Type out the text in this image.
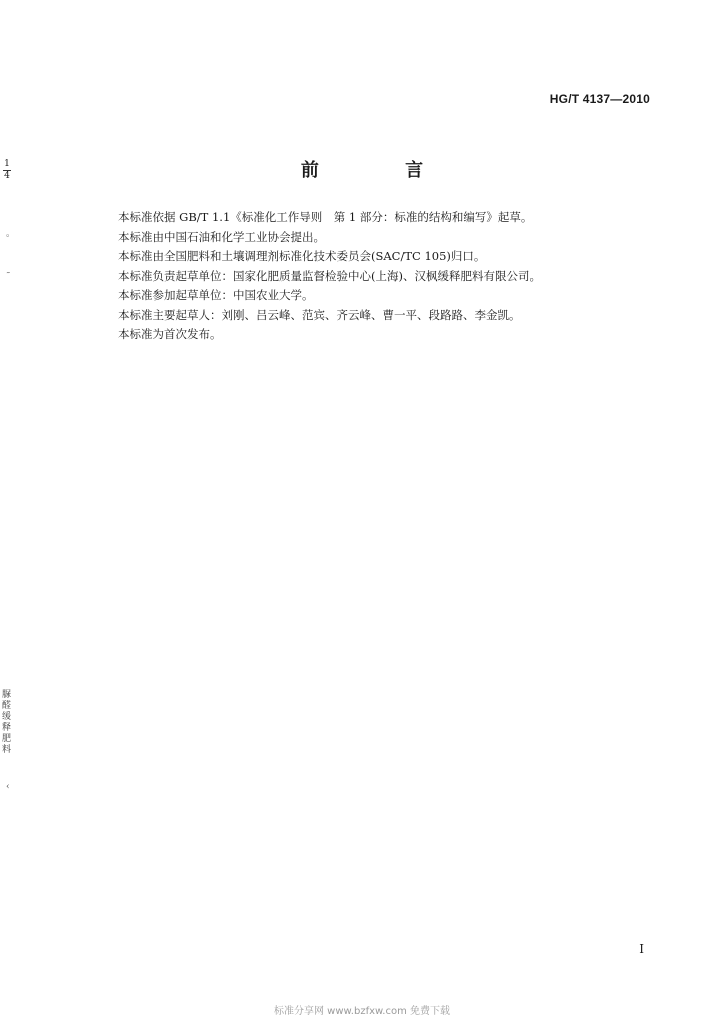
HG/T 4137—2010
前 言

本标准依据 GB/T 1.1《标准化工作导则　第 1 部分：标准的结构和编写》起草。

本标准由中国石油和化学工业协会提出。

本标准由全国肥料和土壤调理剂标准化技术委员会(SAC/TC 105)归口。

本标准负责起草单位：国家化肥质量监督检验中心(上海)、汉枫缓释肥料有限公司。

本标准参加起草单位：中国农业大学。

本标准主要起草人：刘刚、吕云峰、范宾、齐云峰、曹一平、段路路、李金凯。

本标准为首次发布。

1
4
。
˜
‹
脲醛缓释肥料
I
标准分享网 www.bzfxw.com 免费下载
